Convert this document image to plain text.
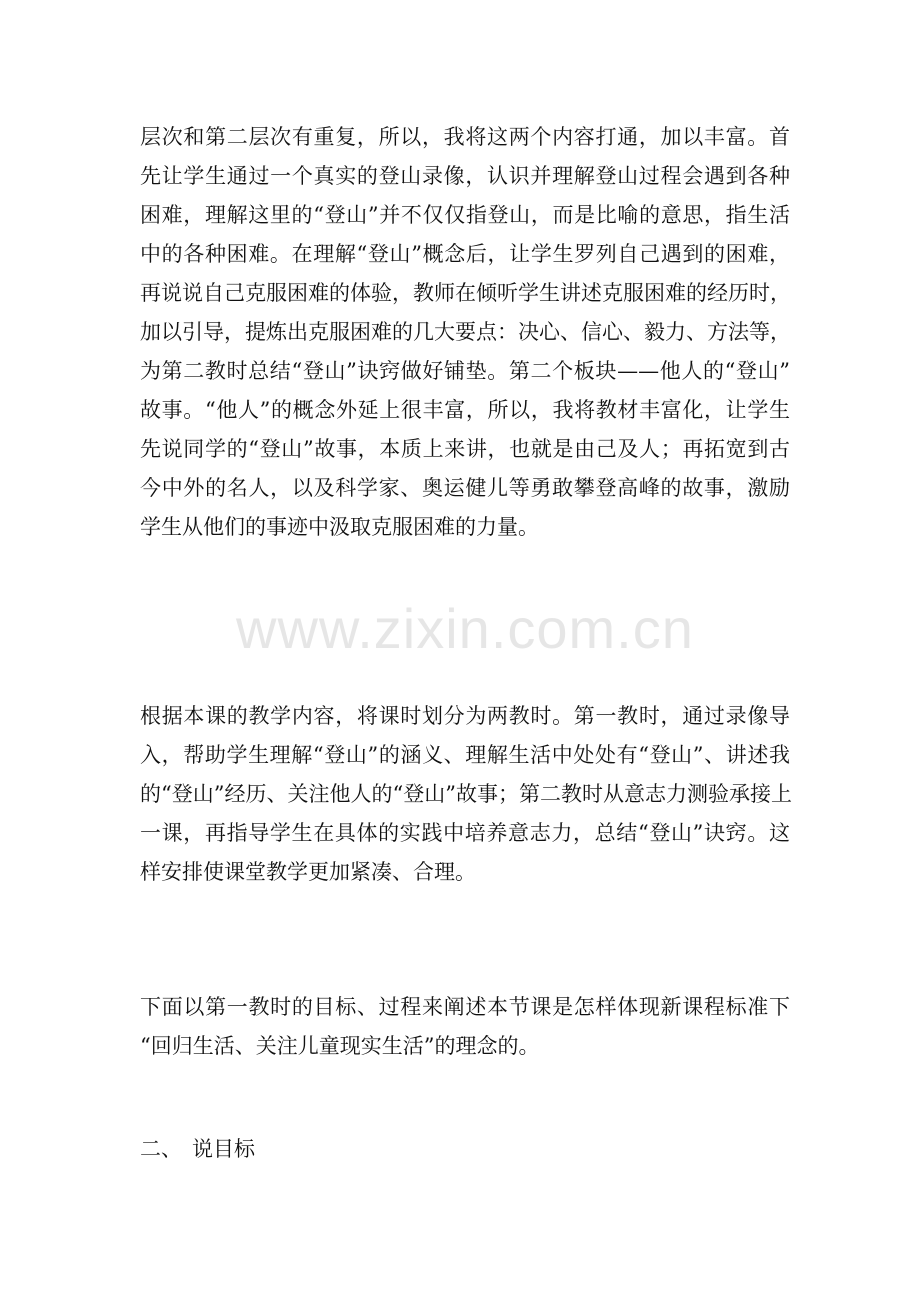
层次和第二层次有重复，所以，我将这两个内容打通，加以丰富。首
先让学生通过一个真实的登山录像，认识并理解登山过程会遇到各种
困难，理解这里的“登山”并不仅仅指登山，而是比喻的意思，指生活
中的各种困难。在理解“登山”概念后，让学生罗列自己遇到的困难，
再说说自己克服困难的体验，教师在倾听学生讲述克服困难的经历时，
加以引导，提炼出克服困难的几大要点：决心、信心、毅力、方法等，
为第二教时总结“登山”诀窍做好铺垫。第二个板块——他人的“登山”
故事。“他人”的概念外延上很丰富，所以，我将教材丰富化，让学生
先说同学的“登山”故事，本质上来讲，也就是由己及人；再拓宽到古
今中外的名人，以及科学家、奥运健儿等勇敢攀登高峰的故事，激励
学生从他们的事迹中汲取克服困难的力量。
根据本课的教学内容，将课时划分为两教时。第一教时，通过录像导
入，帮助学生理解“登山”的涵义、理解生活中处处有“登山”、讲述我
的“登山”经历、关注他人的“登山”故事；第二教时从意志力测验承接上
一课，再指导学生在具体的实践中培养意志力，总结“登山”诀窍。这
样安排使课堂教学更加紧凑、合理。
下面以第一教时的目标、过程来阐述本节课是怎样体现新课程标准下
“回归生活、关注儿童现实生活”的理念的。
二、 说目标
www.zixin.com.cn
